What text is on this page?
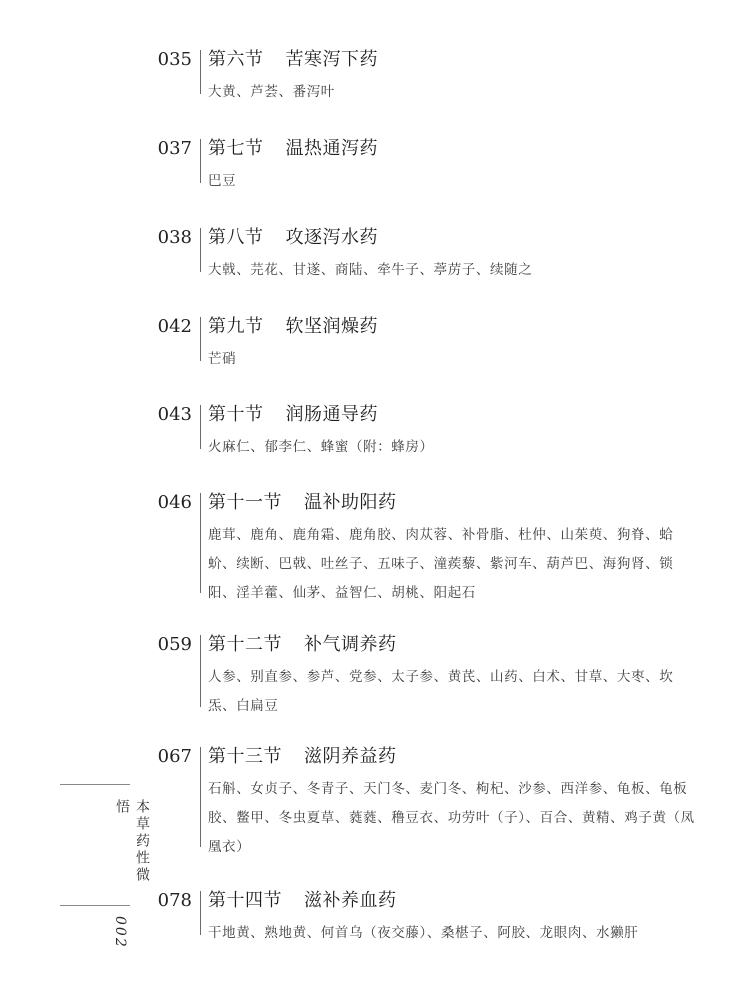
035 第六节 苦寒泻下药
大黄、芦荟、番泻叶
037 第七节 温热通泻药
巴豆
038 第八节 攻逐泻水药
大戟、芫花、甘遂、商陆、牵牛子、葶苈子、续随之
042 第九节 软坚润燥药
芒硝
043 第十节 润肠通导药
火麻仁、郁李仁、蜂蜜（附：蜂房）
046 第十一节 温补助阳药
鹿茸、鹿角、鹿角霜、鹿角胶、肉苁蓉、补骨脂、杜仲、山茱萸、狗脊、蛤蚧、续断、巴戟、吐丝子、五味子、潼蒺藜、紫河车、葫芦巴、海狗肾、锁阳、淫羊藿、仙茅、益智仁、胡桃、阳起石
059 第十二节 补气调养药
人参、别直参、参芦、党参、太子参、黄芪、山药、白术、甘草、大枣、坎炁、白扁豆
067 第十三节 滋阴养益药
石斛、女贞子、冬青子、天门冬、麦门冬、枸杞、沙参、西洋参、龟板、龟板胶、鳖甲、冬虫夏草、蕤蕤、穞豆衣、功劳叶（子）、百合、黄精、鸡子黄（凤凰衣）
078 第十四节 滋补养血药
干地黄、熟地黄、何首乌（夜交藤）、桑椹子、阿胶、龙眼肉、水獭肝
本草药性微悟
002
